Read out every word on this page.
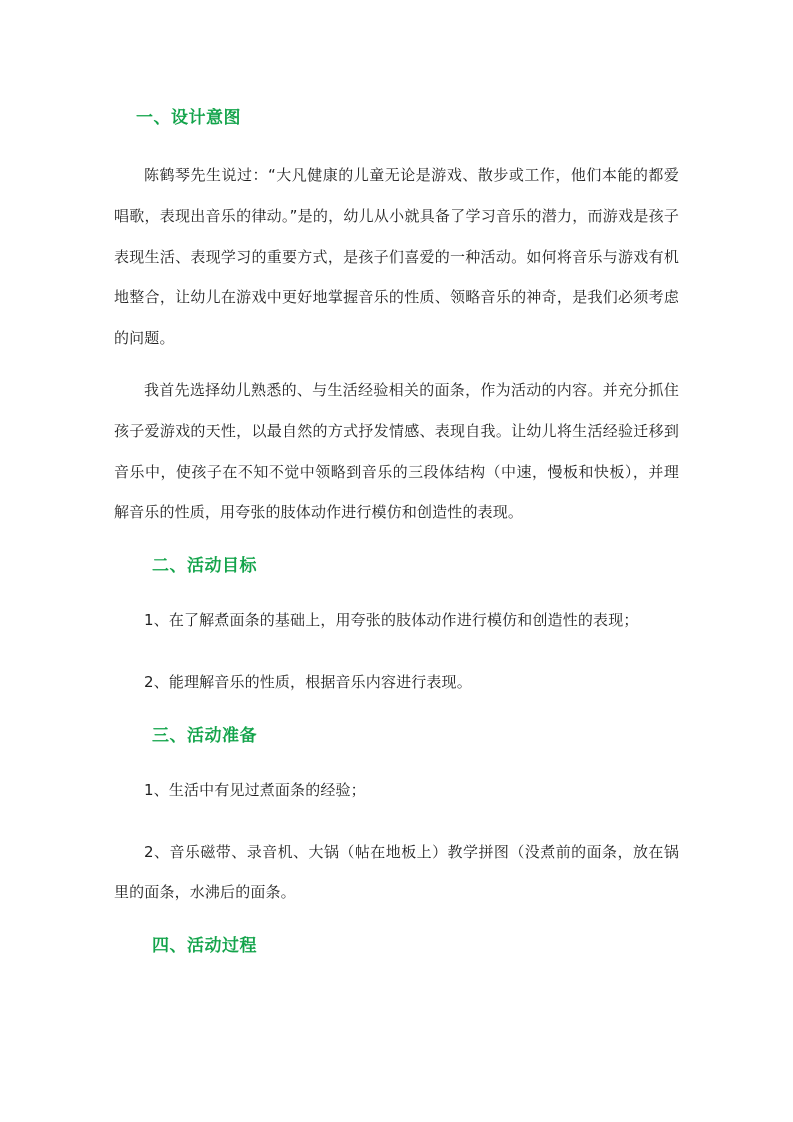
一、设计意图

陈鹤琴先生说过：“大凡健康的儿童无论是游戏、散步或工作，他们本能的都爱唱歌，表现出音乐的律动。”是的，幼儿从小就具备了学习音乐的潜力，而游戏是孩子表现生活、表现学习的重要方式，是孩子们喜爱的一种活动。如何将音乐与游戏有机地整合，让幼儿在游戏中更好地掌握音乐的性质、领略音乐的神奇，是我们必须考虑的问题。

我首先选择幼儿熟悉的、与生活经验相关的面条，作为活动的内容。并充分抓住孩子爱游戏的天性，以最自然的方式抒发情感、表现自我。让幼儿将生活经验迁移到音乐中，使孩子在不知不觉中领略到音乐的三段体结构（中速，慢板和快板），并理解音乐的性质，用夸张的肢体动作进行模仿和创造性的表现。

二、活动目标

1、在了解煮面条的基础上，用夸张的肢体动作进行模仿和创造性的表现；

2、能理解音乐的性质，根据音乐内容进行表现。

三、活动准备

1、生活中有见过煮面条的经验；

2、音乐磁带、录音机、大锅（帖在地板上）教学拼图（没煮前的面条，放在锅里的面条，水沸后的面条。

四、活动过程
